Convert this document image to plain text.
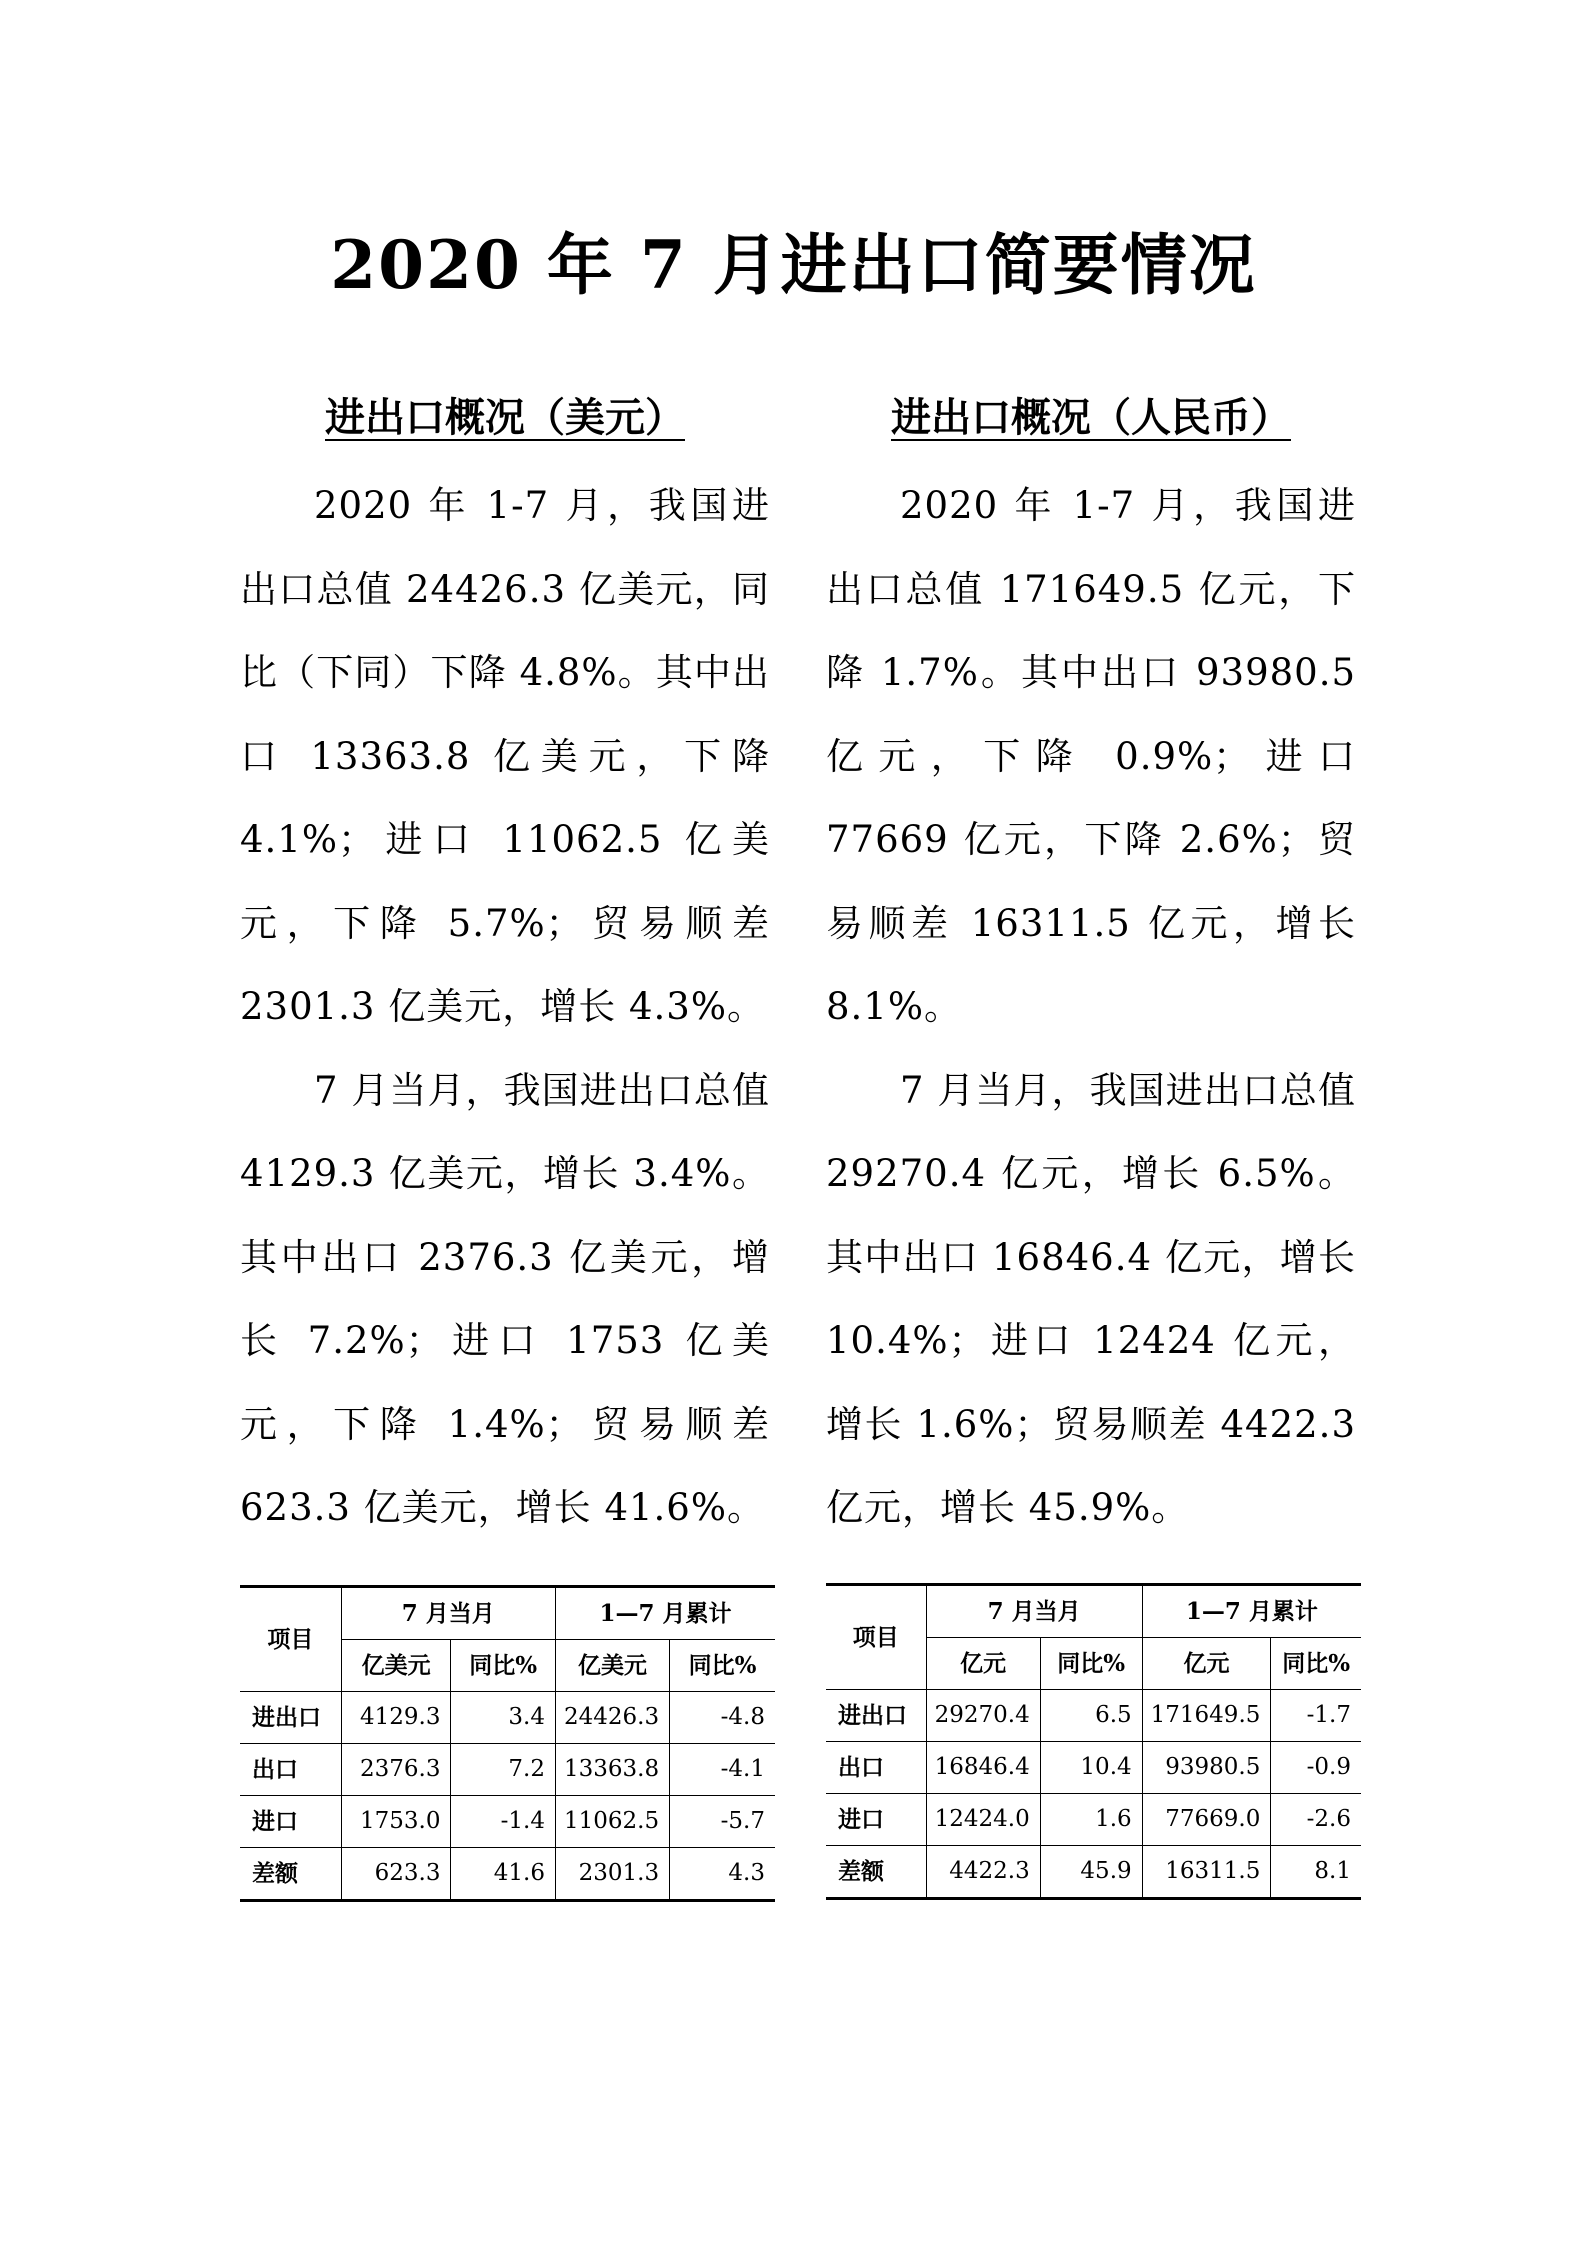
2020 年 7 月进出口简要情况
进出口概况（美元）

2020 年 1-7 月，我国进出口总值 24426.3 亿美元，同比（下同）下降 4.8%。其中出口 13363.8 亿美元，下降 4.1%；进口 11062.5 亿美元，下降 5.7%；贸易顺差 2301.3 亿美元，增长 4.3%。

7 月当月，我国进出口总值 4129.3 亿美元，增长 3.4%。其中出口 2376.3 亿美元，增长 7.2%；进口 1753 亿美元，下降 1.4%；贸易顺差 623.3 亿美元，增长 41.6%。

进出口概况（人民币）

2020 年 1-7 月，我国进出口总值 171649.5 亿元，下降 1.7%。其中出口 93980.5 亿元，下降 0.9%；进口 77669 亿元，下降 2.6%；贸易顺差 16311.5 亿元，增长 8.1%。

7 月当月，我国进出口总值 29270.4 亿元，增长 6.5%。其中出口 16846.4 亿元，增长 10.4%；进口 12424 亿元，增长 1.6%；贸易顺差 4422.3 亿元，增长 45.9%。

项目	7 月当月		1—7 月累计	
	亿美元	同比%	亿美元	同比%
进出口	4129.3	3.4	24426.3	-4.8
出口	2376.3	7.2	13363.8	-4.1
进口	1753.0	-1.4	11062.5	-5.7
差额	623.3	41.6	2301.3	4.3
项目	7 月当月		1—7 月累计	
	亿元	同比%	亿元	同比%
进出口	29270.4	6.5	171649.5	-1.7
出口	16846.4	10.4	93980.5	-0.9
进口	12424.0	1.6	77669.0	-2.6
差额	4422.3	45.9	16311.5	8.1
